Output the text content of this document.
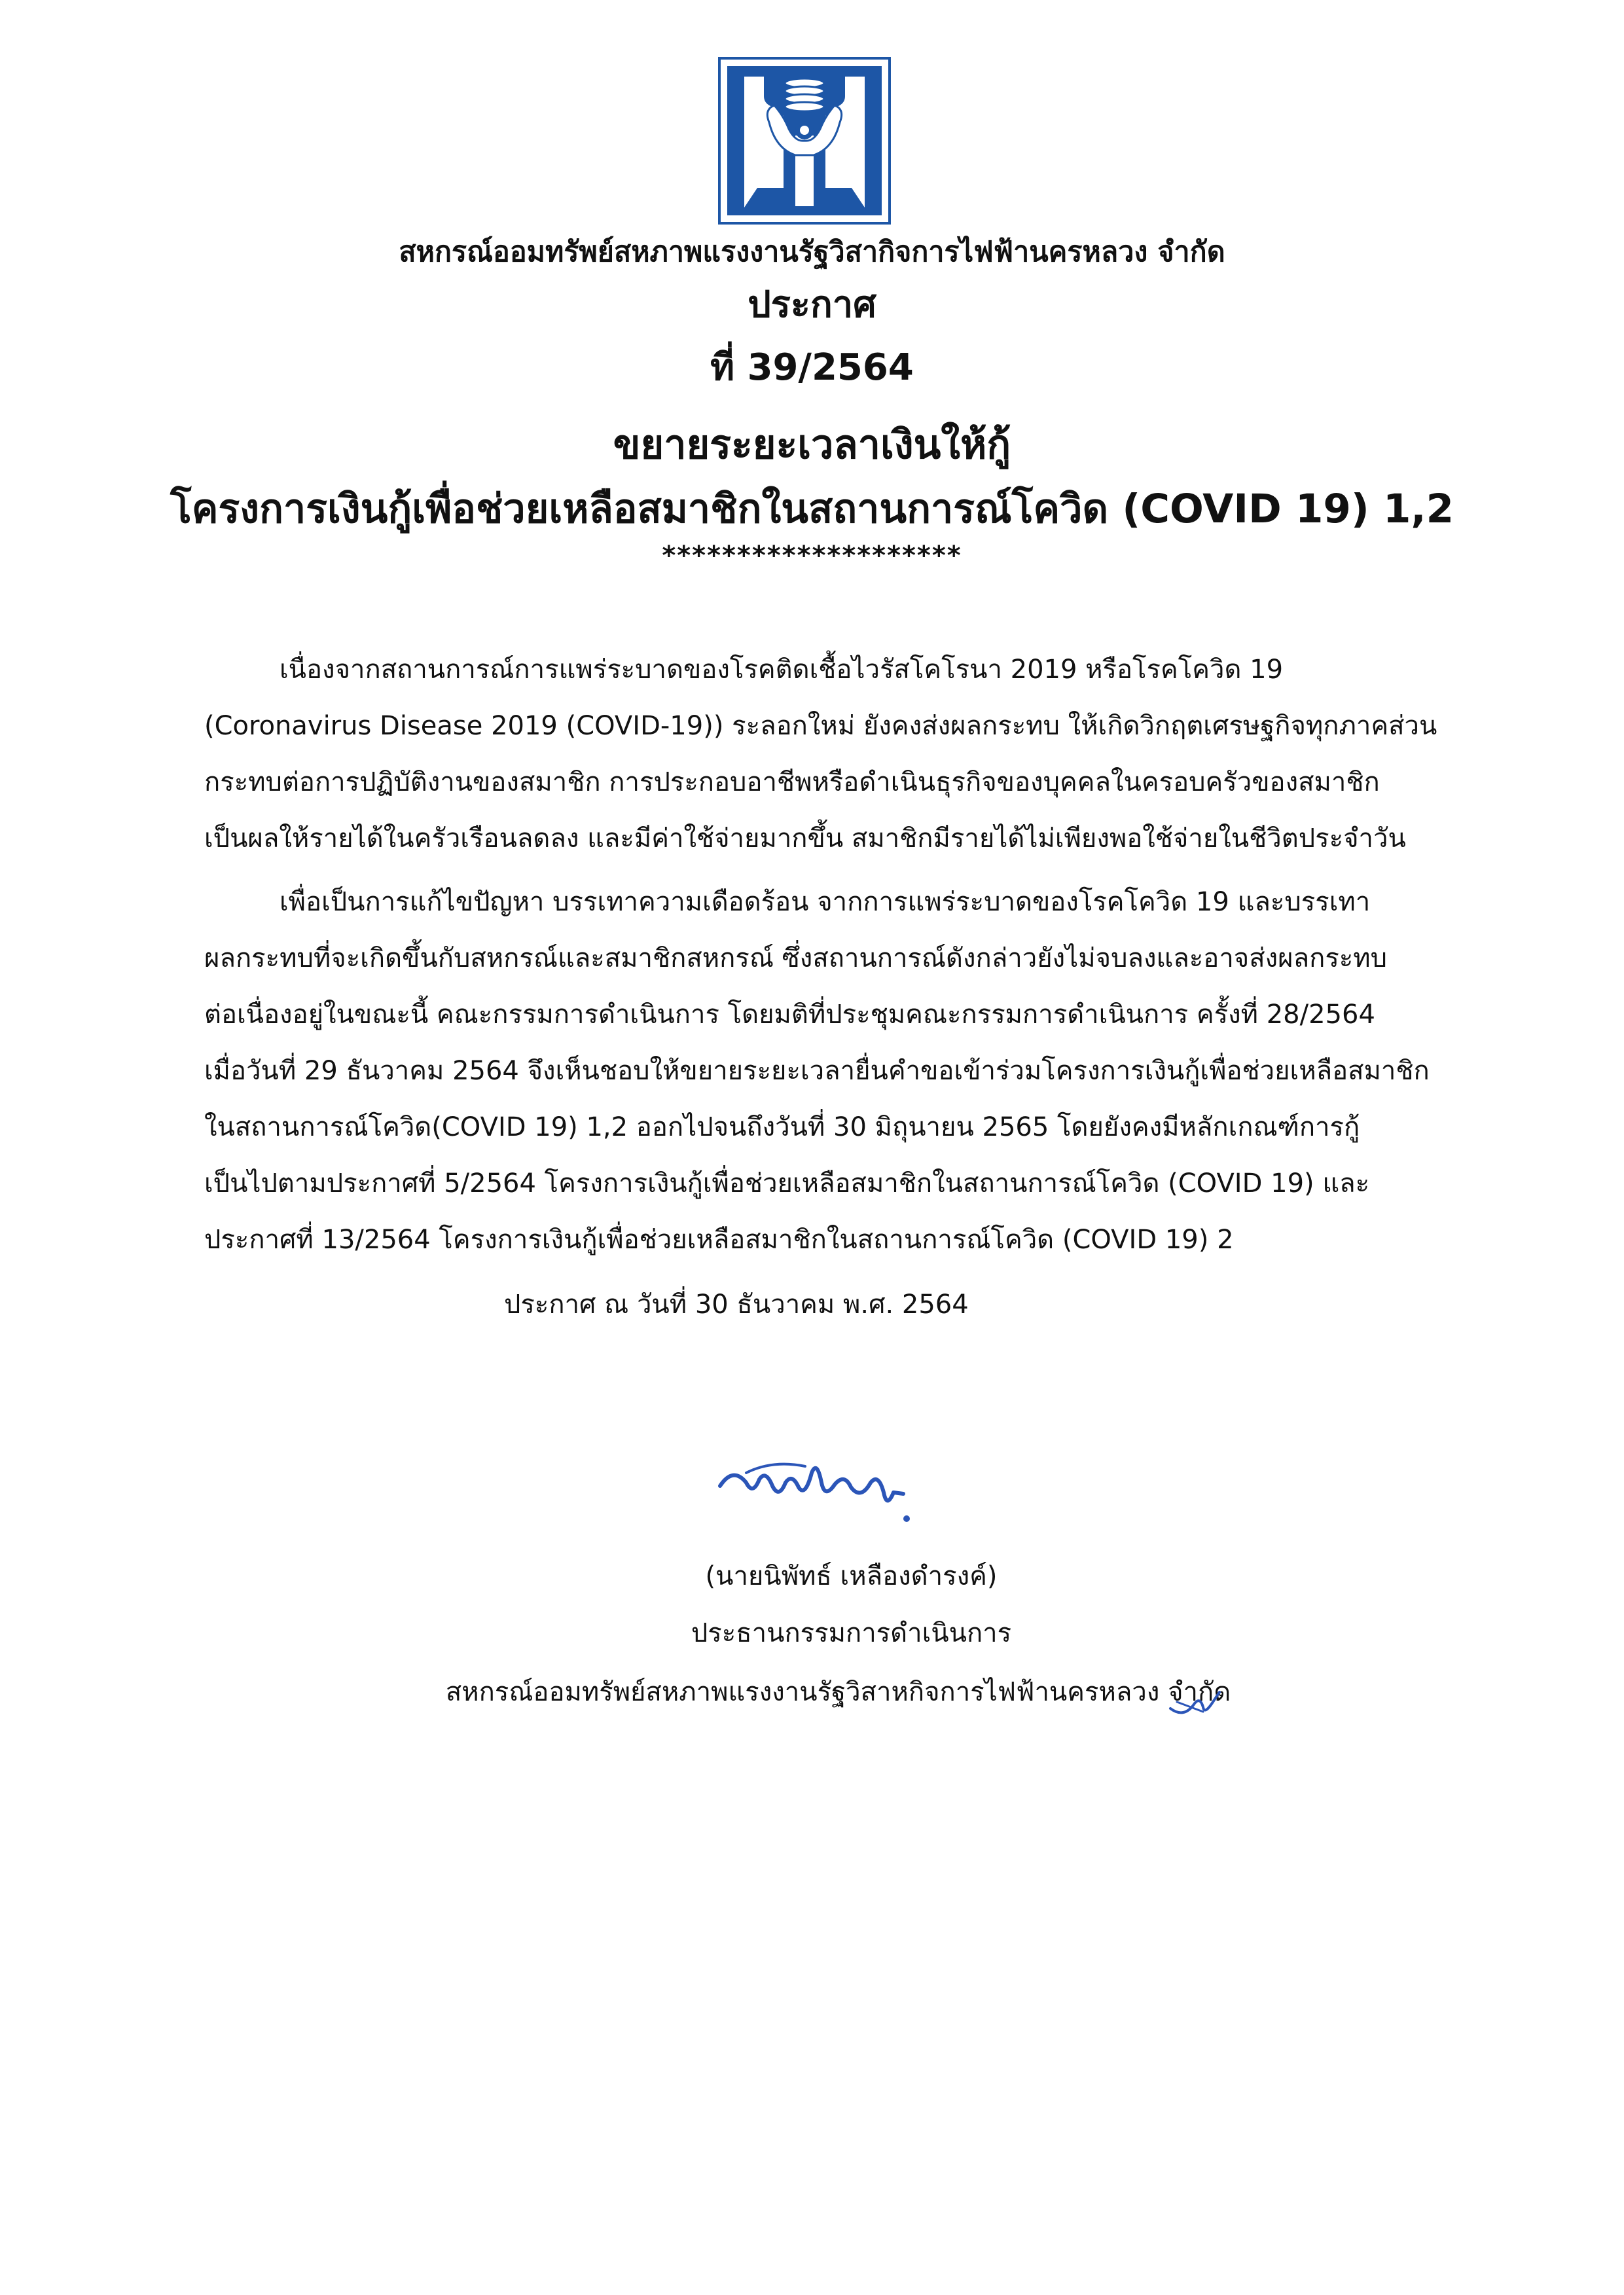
สหกรณ์ออมทรัพย์สหภาพแรงงานรัฐวิสากิจการไฟฟ้านครหลวง จำกัด
ประกาศ
ที่ 39/2564
ขยายระยะเวลาเงินให้กู้
โครงการเงินกู้เพื่อช่วยเหลือสมาชิกในสถานการณ์โควิด (COVID 19) 1,2
********************
เนื่องจากสถานการณ์การแพร่ระบาดของโรคติดเชื้อไวรัสโคโรนา 2019 หรือโรคโควิด 19
(Coronavirus Disease 2019 (COVID-19)) ระลอกใหม่ ยังคงส่งผลกระทบ ให้เกิดวิกฤตเศรษฐกิจทุกภาคส่วน
กระทบต่อการปฏิบัติงานของสมาชิก การประกอบอาชีพหรือดำเนินธุรกิจของบุคคลในครอบครัวของสมาชิก
เป็นผลให้รายได้ในครัวเรือนลดลง และมีค่าใช้จ่ายมากขึ้น สมาชิกมีรายได้ไม่เพียงพอใช้จ่ายในชีวิตประจำวัน
เพื่อเป็นการแก้ไขปัญหา บรรเทาความเดือดร้อน จากการแพร่ระบาดของโรคโควิด 19 และบรรเทา
ผลกระทบที่จะเกิดขึ้นกับสหกรณ์และสมาชิกสหกรณ์ ซึ่งสถานการณ์ดังกล่าวยังไม่จบลงและอาจส่งผลกระทบ
ต่อเนื่องอยู่ในขณะนี้ คณะกรรมการดำเนินการ โดยมติที่ประชุมคณะกรรมการดำเนินการ ครั้งที่ 28/2564
เมื่อวันที่ 29 ธันวาคม 2564 จึงเห็นชอบให้ขยายระยะเวลายื่นคำขอเข้าร่วมโครงการเงินกู้เพื่อช่วยเหลือสมาชิก
ในสถานการณ์โควิด(COVID 19) 1,2 ออกไปจนถึงวันที่ 30 มิถุนายน 2565 โดยยังคงมีหลักเกณฑ์การกู้
เป็นไปตามประกาศที่ 5/2564 โครงการเงินกู้เพื่อช่วยเหลือสมาชิกในสถานการณ์โควิด (COVID 19) และ
ประกาศที่ 13/2564 โครงการเงินกู้เพื่อช่วยเหลือสมาชิกในสถานการณ์โควิด (COVID 19) 2
ประกาศ ณ วันที่ 30 ธันวาคม พ.ศ. 2564
(นายนิพัทธ์ เหลืองดำรงค์)
ประธานกรรมการดำเนินการ
สหกรณ์ออมทรัพย์สหภาพแรงงานรัฐวิสาหกิจการไฟฟ้านครหลวง จำกัด
